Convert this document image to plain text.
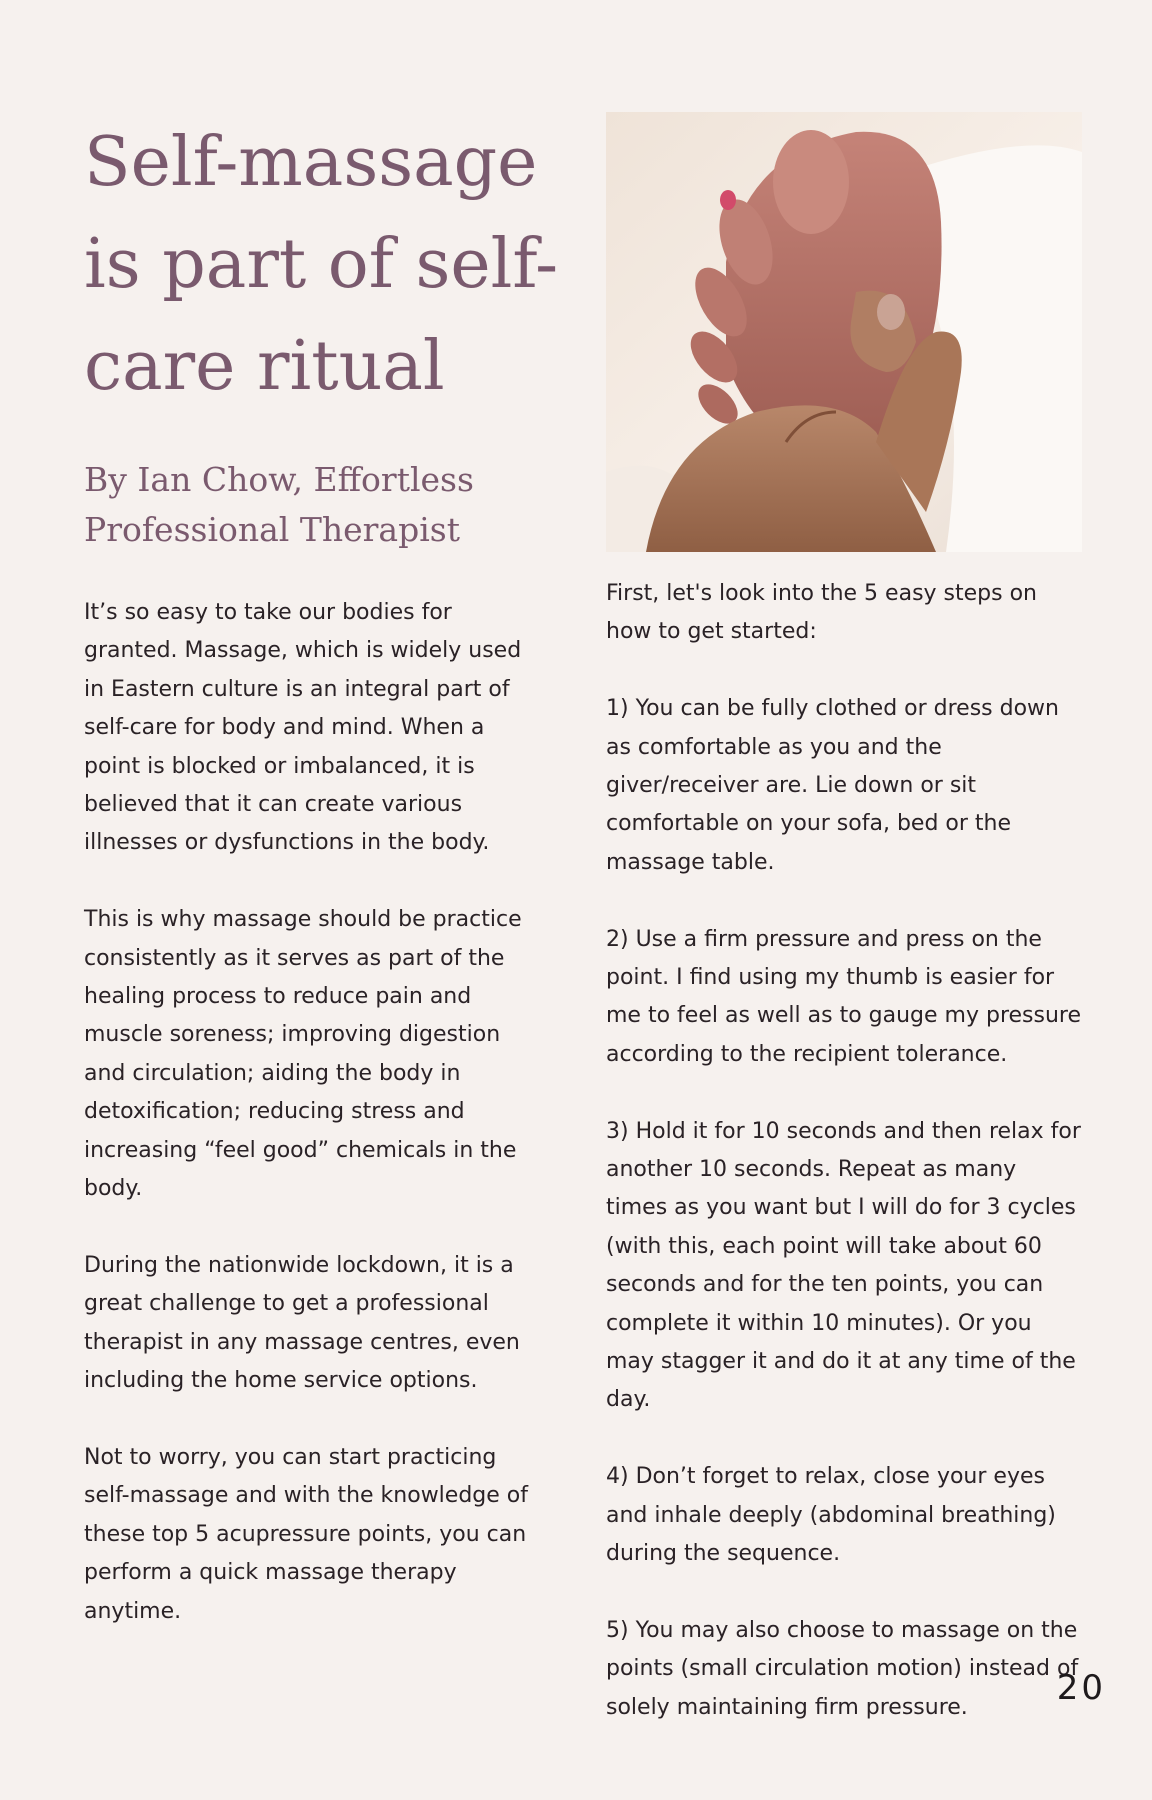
Self-massage is part of self-care ritual

By Ian Chow, Effortless Professional Therapist

It’s so easy to take our bodies for granted. Massage, which is widely used in Eastern culture is an integral part of self-care for body and mind. When a point is blocked or imbalanced, it is believed that it can create various illnesses or dysfunctions in the body.

This is why massage should be practice consistently as it serves as part of the healing process to reduce pain and muscle soreness; improving digestion and circulation; aiding the body in detoxification; reducing stress and increasing “feel good” chemicals in the body.

During the nationwide lockdown, it is a great challenge to get a professional therapist in any massage centres, even including the home service options.

Not to worry, you can start practicing self-massage and with the knowledge of these top 5 acupressure points, you can perform a quick massage therapy anytime.

First, let's look into the 5 easy steps on how to get started:

1) You can be fully clothed or dress down as comfortable as you and the giver/receiver are. Lie down or sit comfortable on your sofa, bed or the massage table.

2) Use a firm pressure and press on the point. I find using my thumb is easier for me to feel as well as to gauge my pressure according to the recipient tolerance.

3) Hold it for 10 seconds and then relax for another 10 seconds. Repeat as many times as you want but I will do for 3 cycles (with this, each point will take about 60 seconds and for the ten points, you can complete it within 10 minutes). Or you may stagger it and do it at any time of the day.

4) Don’t forget to relax, close your eyes and inhale deeply (abdominal breathing) during the sequence.

5) You may also choose to massage on the points (small circulation motion) instead of solely maintaining firm pressure.	20
